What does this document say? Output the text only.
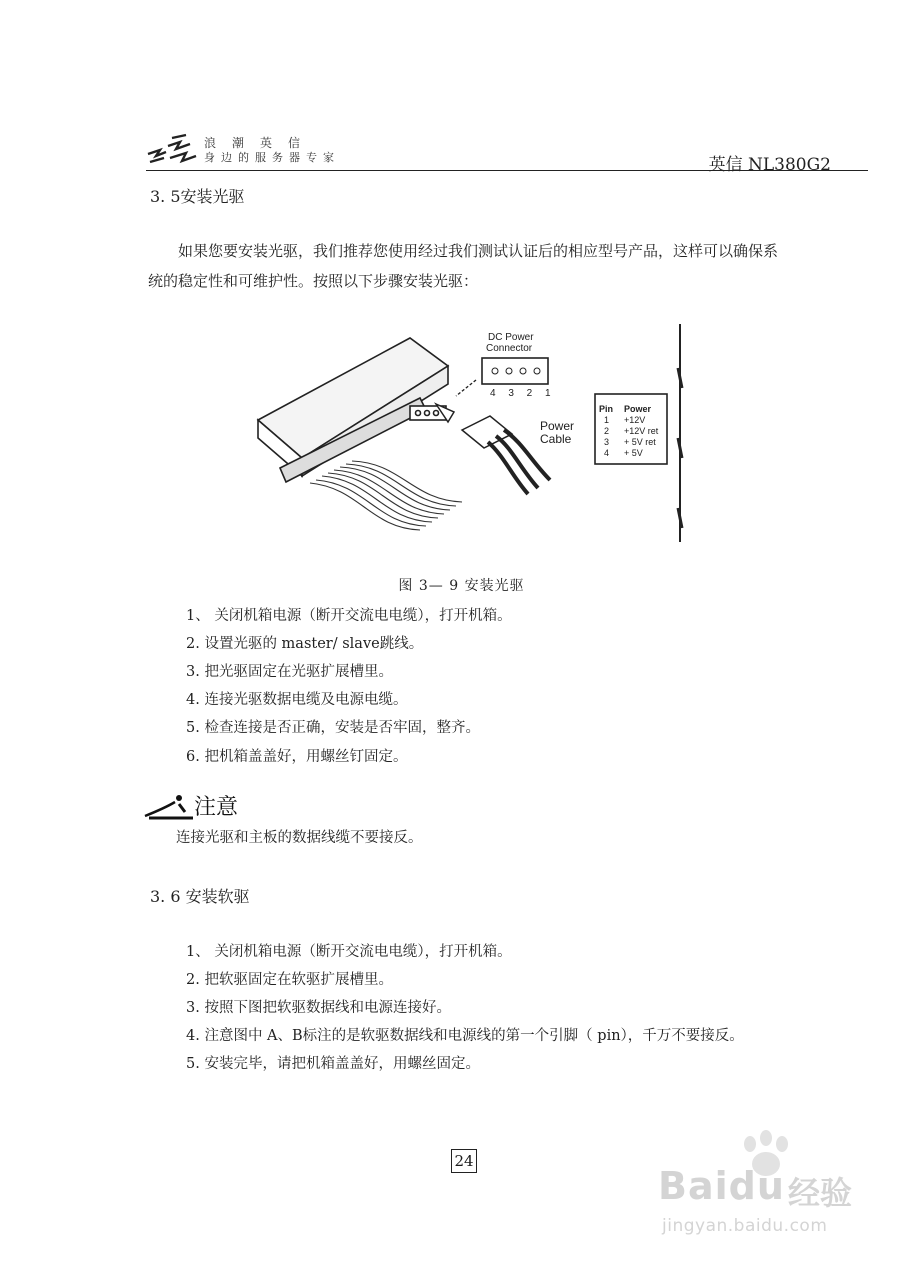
浪潮英信
身边的服务器专家	英信 NL380G2
3. 5安装光驱
如果您要安装光驱，我们推荐您使用经过我们测试认证后的相应型号产品，这样可以确保系统的稳定性和可维护性。按照以下步骤安装光驱：
DC Power
Connector
4 3 2 1
Power
Cable
Pin Power
1 +12V
2 +12V ret
3 + 5V ret
4 + 5V
图 3— 9 安装光驱
1、 关闭机箱电源（断开交流电电缆），打开机箱。
2. 设置光驱的 master/ slave跳线。
3. 把光驱固定在光驱扩展槽里。
4. 连接光驱数据电缆及电源电缆。
5. 检查连接是否正确，安装是否牢固，整齐。
6. 把机箱盖盖好，用螺丝钉固定。
注意
连接光驱和主板的数据线缆不要接反。
3. 6 安装软驱
1、 关闭机箱电源（断开交流电电缆），打开机箱。
2. 把软驱固定在软驱扩展槽里。
3. 按照下图把软驱数据线和电源连接好。
4. 注意图中 A、B标注的是软驱数据线和电源线的第一个引脚（ pin），千万不要接反。
5. 安装完毕，请把机箱盖盖好，用螺丝固定。
24
Baidu 经验
jingyan.baidu.com
